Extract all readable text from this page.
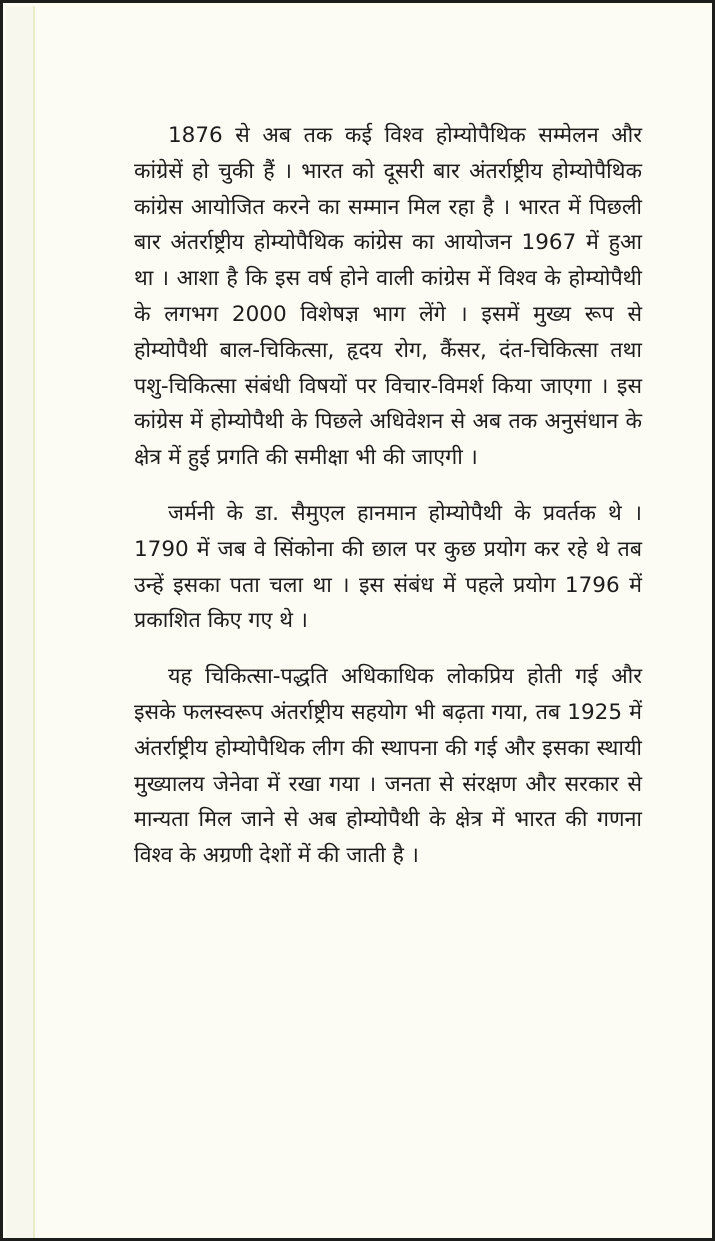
1876 से अब तक कई विश्व होम्योपैथिक सम्मेलन और कांग्रेसें हो चुकी हैं । भारत को दूसरी बार अंतर्राष्ट्रीय होम्योपैथिक कांग्रेस आयोजित करने का सम्मान मिल रहा है । भारत में पिछली बार अंतर्राष्ट्रीय होम्योपैथिक कांग्रेस का आयोजन 1967 में हुआ था । आशा है कि इस वर्ष होने वाली कांग्रेस में विश्व के होम्योपैथी के लगभग 2000 विशेषज्ञ भाग लेंगे । इसमें मुख्य रूप से होम्योपैथी बाल-चिकित्सा, हृदय रोग, कैंसर, दंत-चिकित्सा तथा पशु-चिकित्सा संबंधी विषयों पर विचार-विमर्श किया जाएगा । इस कांग्रेस में होम्योपैथी के पिछले अधिवेशन से अब तक अनुसंधान के क्षेत्र में हुई प्रगति की समीक्षा भी की जाएगी ।

जर्मनी के डा. सैमुएल हानमान होम्योपैथी के प्रवर्तक थे । 1790 में जब वे सिंकोना की छाल पर कुछ प्रयोग कर रहे थे तब उन्हें इसका पता चला था । इस संबंध में पहले प्रयोग 1796 में प्रकाशित किए गए थे ।

यह चिकित्सा-पद्धति अधिकाधिक लोकप्रिय होती गई और इसके फलस्वरूप अंतर्राष्ट्रीय सहयोग भी बढ़ता गया, तब 1925 में अंतर्राष्ट्रीय होम्योपैथिक लीग की स्थापना की गई और इसका स्थायी मुख्यालय जेनेवा में रखा गया । जनता से संरक्षण और सरकार से मान्यता मिल जाने से अब होम्योपैथी के क्षेत्र में भारत की गणना विश्व के अग्रणी देशों में की जाती है ।
